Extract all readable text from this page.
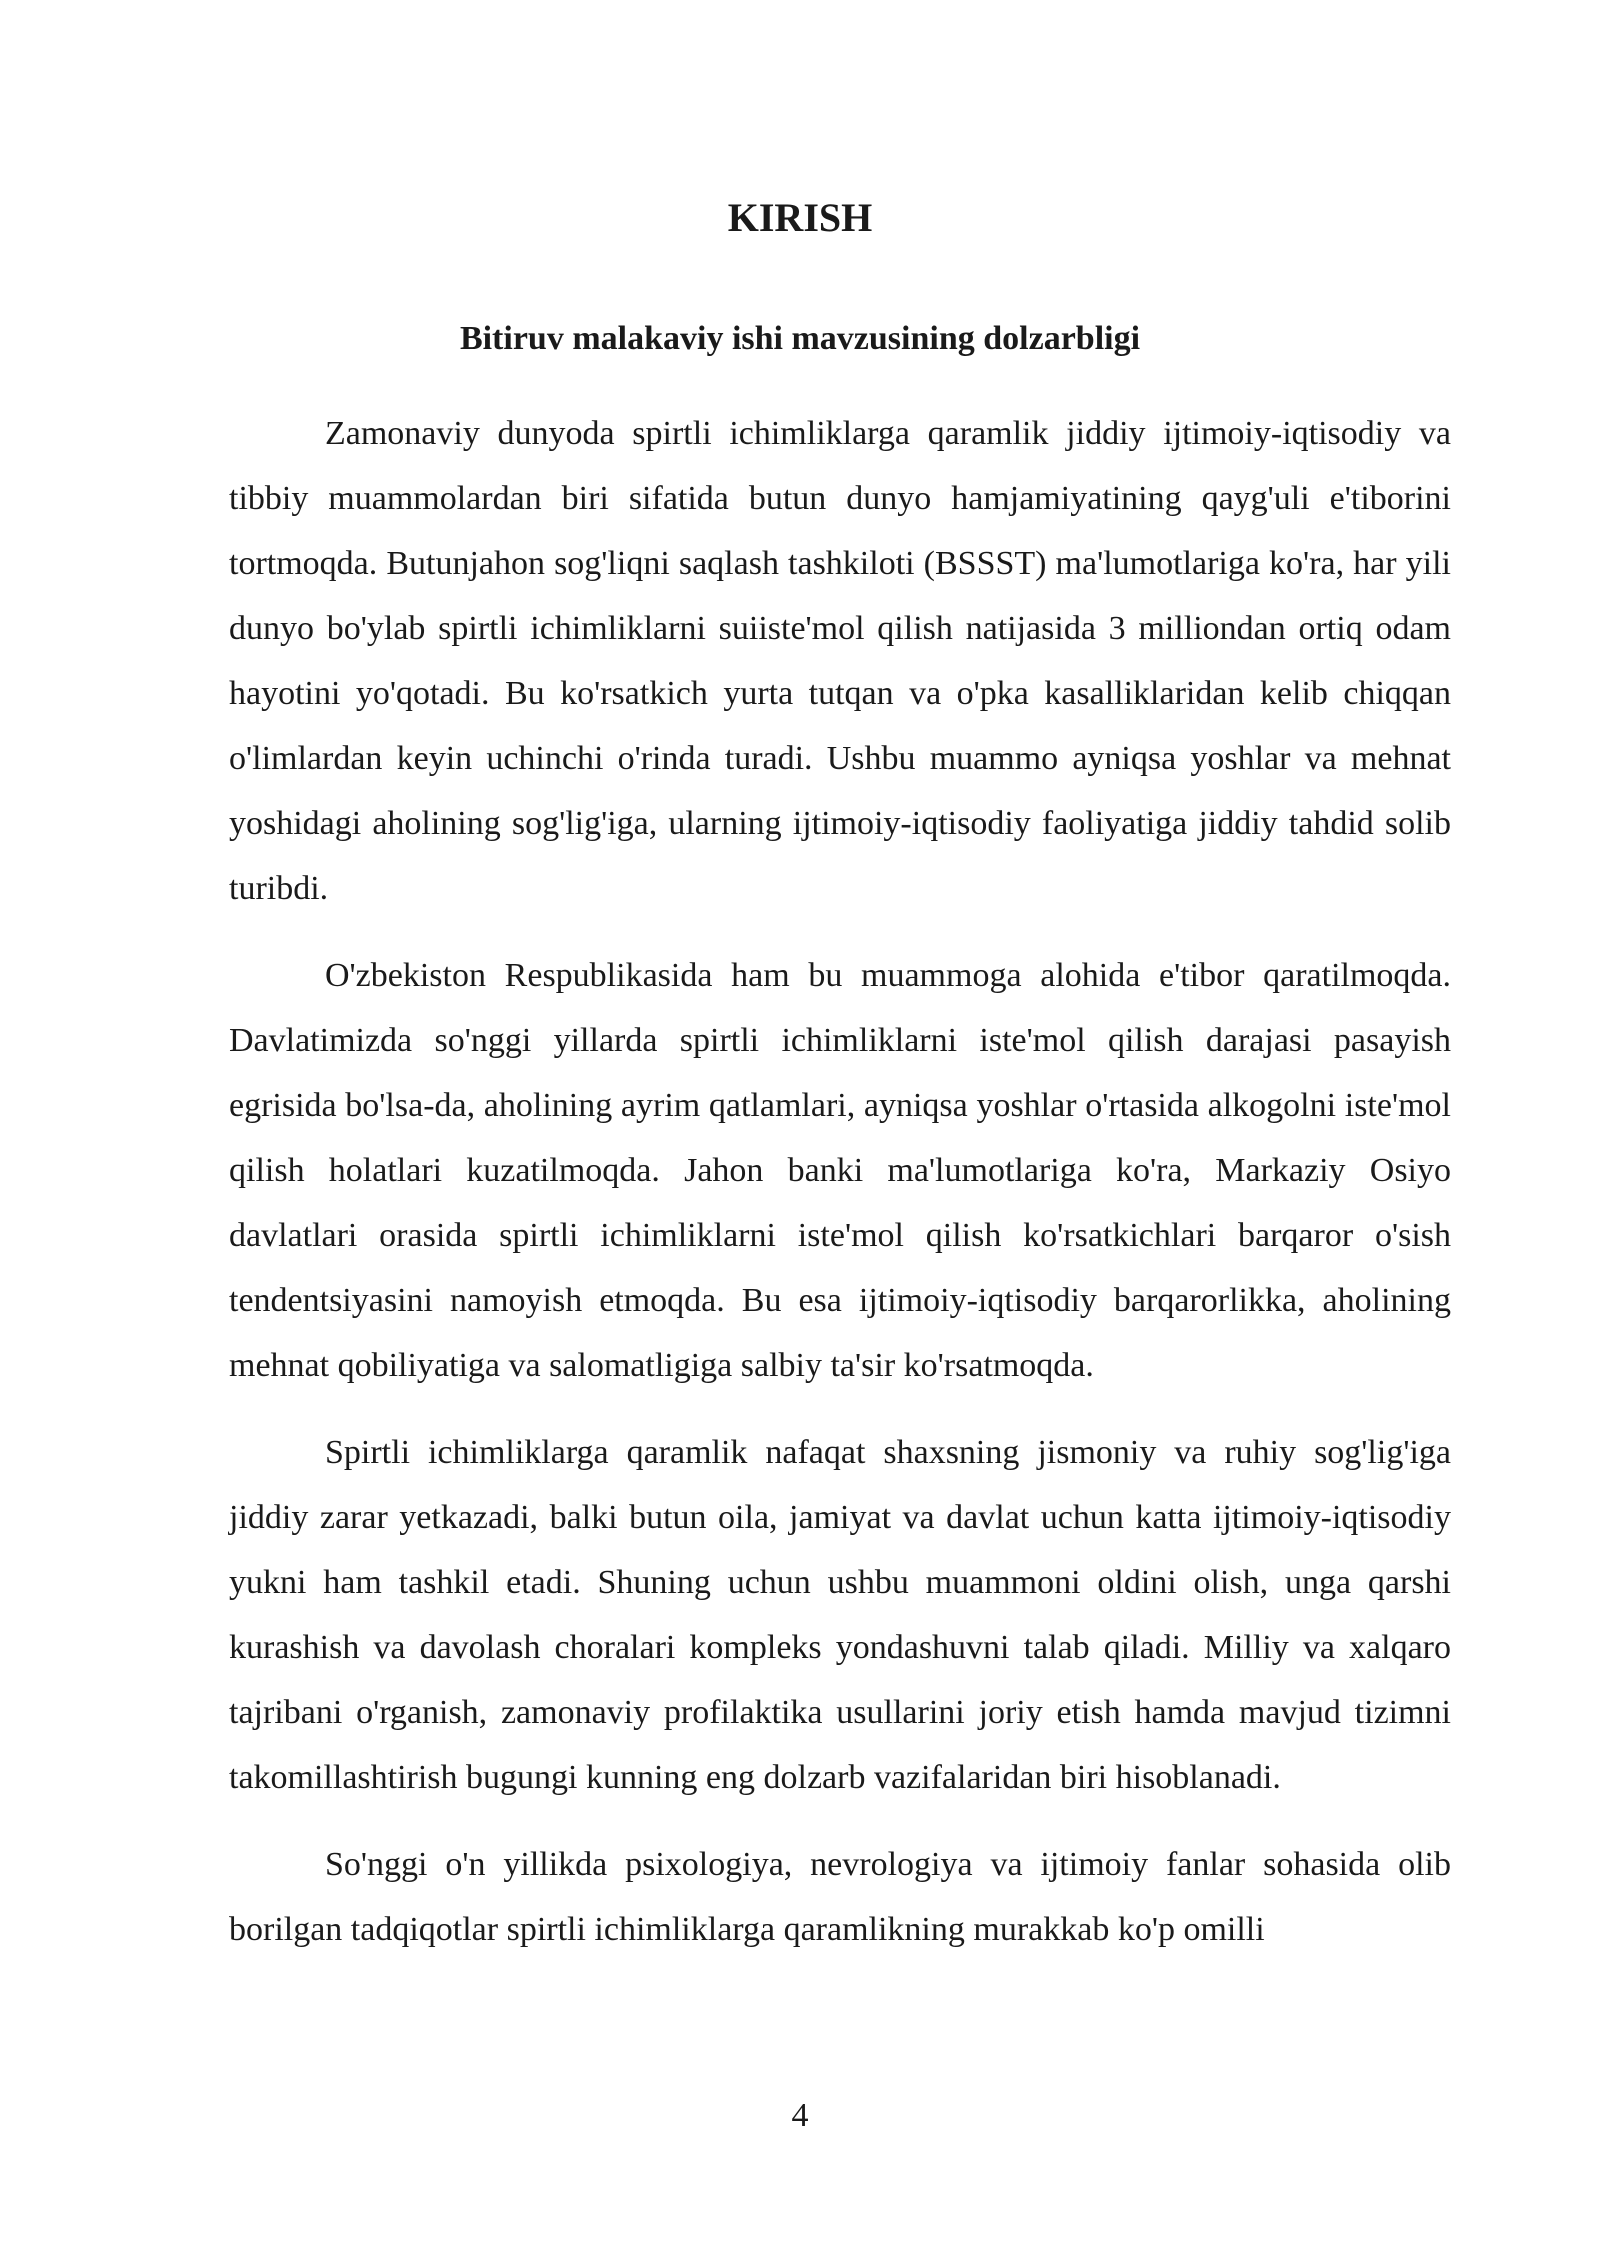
KIRISH
Bitiruv malakaviy ishi mavzusining dolzarbligi

Zamonaviy dunyoda spirtli ichimliklarga qaramlik jiddiy ijtimoiy-iqtisodiy va tibbiy muammolardan biri sifatida butun dunyo hamjamiyatining qayg'uli e'tiborini tortmoqda. Butunjahon sog'liqni saqlash tashkiloti (BSSST) ma'lumotlariga ko'ra, har yili dunyo bo'ylab spirtli ichimliklarni suiiste'mol qilish natijasida 3 milliondan ortiq odam hayotini yo'qotadi. Bu ko'rsatkich yurta tutqan va o'pka kasalliklaridan kelib chiqqan o'limlardan keyin uchinchi o'rinda turadi. Ushbu muammo ayniqsa yoshlar va mehnat yoshidagi aholining sog'lig'iga, ularning ijtimoiy-iqtisodiy faoliyatiga jiddiy tahdid solib turibdi.

O'zbekiston Respublikasida ham bu muammoga alohida e'tibor qaratilmoqda. Davlatimizda so'nggi yillarda spirtli ichimliklarni iste'mol qilish darajasi pasayish egrisida bo'lsa-da, aholining ayrim qatlamlari, ayniqsa yoshlar o'rtasida alkogolni iste'mol qilish holatlari kuzatilmoqda. Jahon banki ma'lumotlariga ko'ra, Markaziy Osiyo davlatlari orasida spirtli ichimliklarni iste'mol qilish ko'rsatkichlari barqaror o'sish tendentsiyasini namoyish etmoqda. Bu esa ijtimoiy-iqtisodiy barqarorlikka, aholining mehnat qobiliyatiga va salomatligiga salbiy ta'sir ko'rsatmoqda.

Spirtli ichimliklarga qaramlik nafaqat shaxsning jismoniy va ruhiy sog'lig'iga jiddiy zarar yetkazadi, balki butun oila, jamiyat va davlat uchun katta ijtimoiy-iqtisodiy yukni ham tashkil etadi. Shuning uchun ushbu muammoni oldini olish, unga qarshi kurashish va davolash choralari kompleks yondashuvni talab qiladi. Milliy va xalqaro tajribani o'rganish, zamonaviy profilaktika usullarini joriy etish hamda mavjud tizimni takomillashtirish bugungi kunning eng dolzarb vazifalaridan biri hisoblanadi.

So'nggi o'n yillikda psixologiya, nevrologiya va ijtimoiy fanlar sohasida olib borilgan tadqiqotlar spirtli ichimliklarga qaramlikning murakkab ko'p omilli

4
